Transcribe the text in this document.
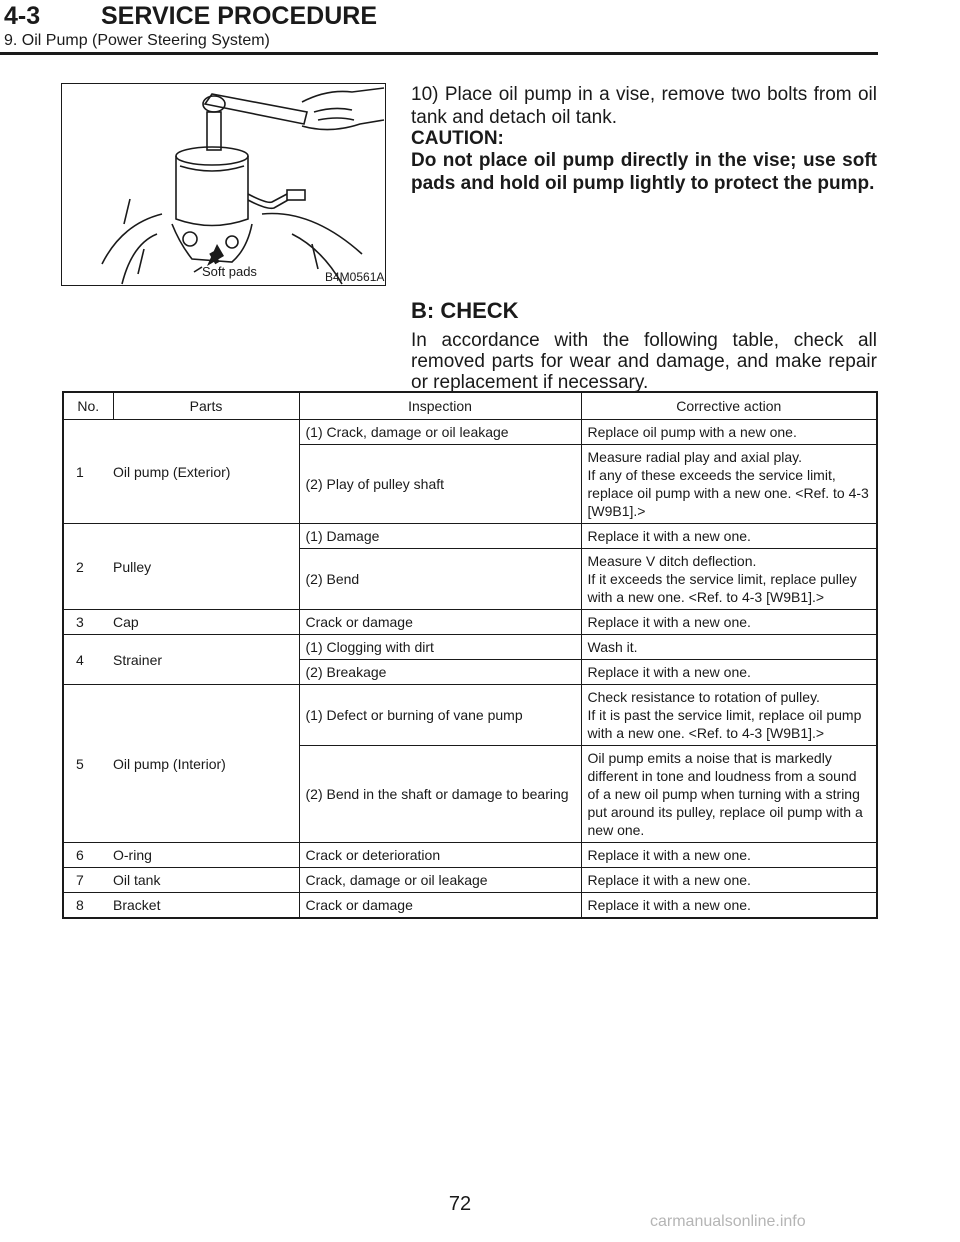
4-3 SERVICE PROCEDURE
9. Oil Pump (Power Steering System)
Soft pads	B4M0561A

10) Place oil pump in a vise, remove two bolts from oil tank and detach oil tank.

CAUTION:

Do not place oil pump directly in the vise; use soft pads and hold oil pump lightly to protect the pump.

B: CHECK

In accordance with the following table, check all removed parts for wear and damage, and make repair or replacement if necessary.

No.	Parts	Inspection	Corrective action
1	Oil pump (Exterior)	(1) Crack, damage or oil leakage	Replace oil pump with a new one.
		(2) Play of pulley shaft	Measure radial play and axial play.
If any of these exceeds the service limit, replace oil pump with a new one. <Ref. to 4-3 [W9B1].>
2	Pulley	(1) Damage	Replace it with a new one.
		(2) Bend	Measure V ditch deflection.
If it exceeds the service limit, replace pulley with a new one. <Ref. to 4-3 [W9B1].>
3	Cap	Crack or damage	Replace it with a new one.
4	Strainer	(1) Clogging with dirt	Wash it.
		(2) Breakage	Replace it with a new one.
5	Oil pump (Interior)	(1) Defect or burning of vane pump	Check resistance to rotation of pulley.
If it is past the service limit, replace oil pump with a new one. <Ref. to 4-3 [W9B1].>
		(2) Bend in the shaft or damage to bearing	Oil pump emits a noise that is markedly different in tone and loudness from a sound of a new oil pump when turning with a string put around its pulley, replace oil pump with a new one.
6	O-ring	Crack or deterioration	Replace it with a new one.
7	Oil tank	Crack, damage or oil leakage	Replace it with a new one.
8	Bracket	Crack or damage	Replace it with a new one.
72
carmanualsonline.info
